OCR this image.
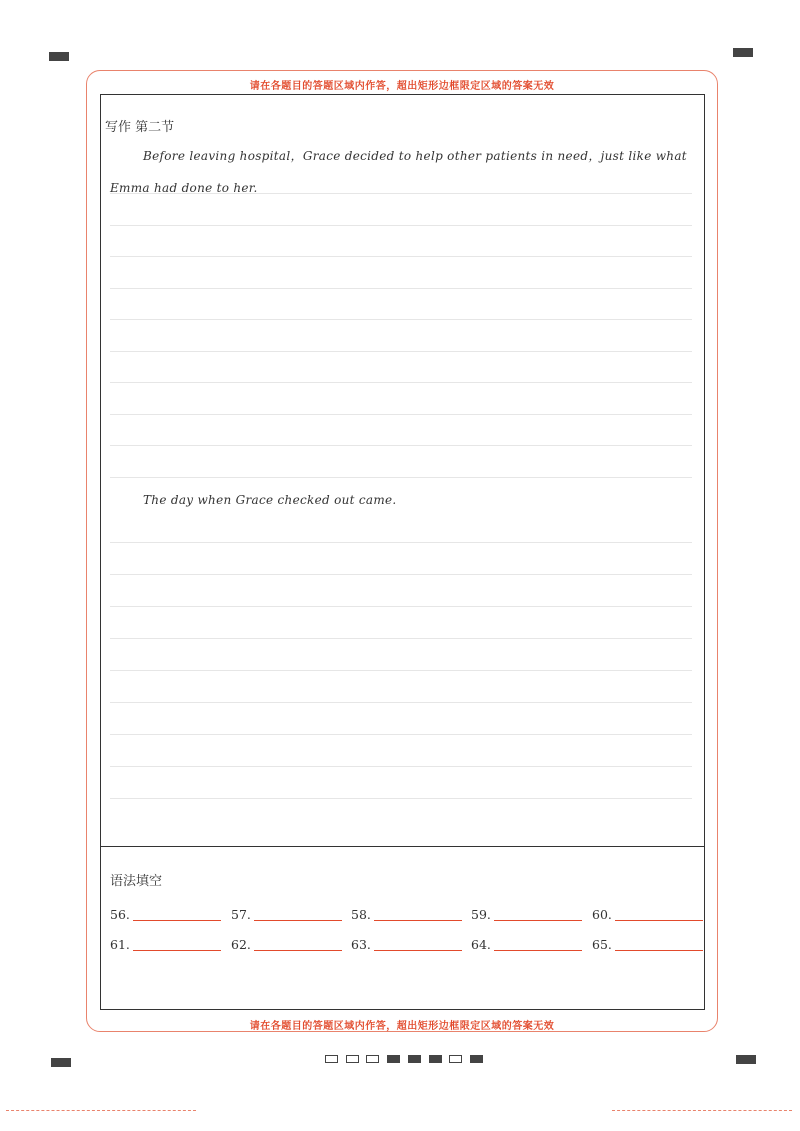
请在各题目的答题区域内作答，超出矩形边框限定区域的答案无效
请在各题目的答题区域内作答，超出矩形边框限定区域的答案无效
写作 第二节
Before leaving hospital，Grace decided to help other patients in need，just like what
Emma had done to her.
The day when Grace checked out came.
语法填空
56.	57.	58.	59.	60.
61.	62.	63.	64.	65.
